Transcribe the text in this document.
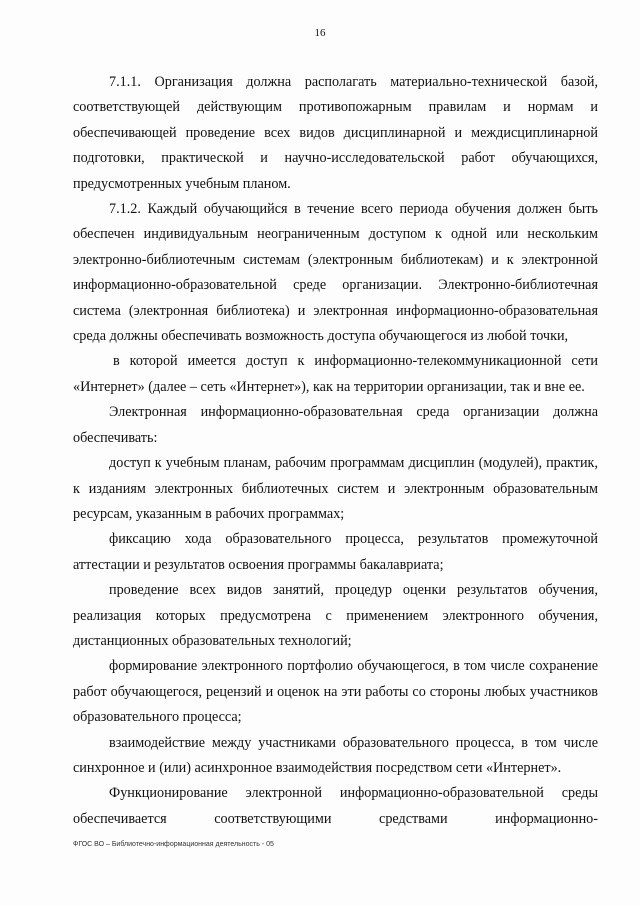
16

7.1.1. Организация должна располагать материально-технической базой, соответствующей действующим противопожарным правилам и нормам и обеспечивающей проведение всех видов дисциплинарной и междисциплинарной подготовки, практической и научно-исследовательской работ обучающихся, предусмотренных учебным планом.

7.1.2. Каждый обучающийся в течение всего периода обучения должен быть обеспечен индивидуальным неограниченным доступом к одной или нескольким электронно-библиотечным системам (электронным библиотекам) и к электронной информационно-образовательной среде организации. Электронно-библиотечная система (электронная библиотека) и электронная информационно-образовательная среда должны обеспечивать возможность доступа обучающегося из любой точки,

в которой имеется доступ к информационно-телекоммуникационной сети «Интернет» (далее – сеть «Интернет»), как на территории организации, так и вне ее.

Электронная информационно-образовательная среда организации должна обеспечивать:

доступ к учебным планам, рабочим программам дисциплин (модулей), практик, к изданиям электронных библиотечных систем и электронным образовательным ресурсам, указанным в рабочих программах;

фиксацию хода образовательного процесса, результатов промежуточной аттестации и результатов освоения программы бакалавриата;

проведение всех видов занятий, процедур оценки результатов обучения, реализация которых предусмотрена с применением электронного обучения, дистанционных образовательных технологий;

формирование электронного портфолио обучающегося, в том числе сохранение работ обучающегося, рецензий и оценок на эти работы со стороны любых участников образовательного процесса;

взаимодействие между участниками образовательного процесса, в том числе синхронное и (или) асинхронное взаимодействия посредством сети «Интернет».

Функционирование электронной информационно-образовательной среды обеспечивается соответствующими средствами информационно-

ФГОС ВО – Библиотечно-информационная деятельность - 05
